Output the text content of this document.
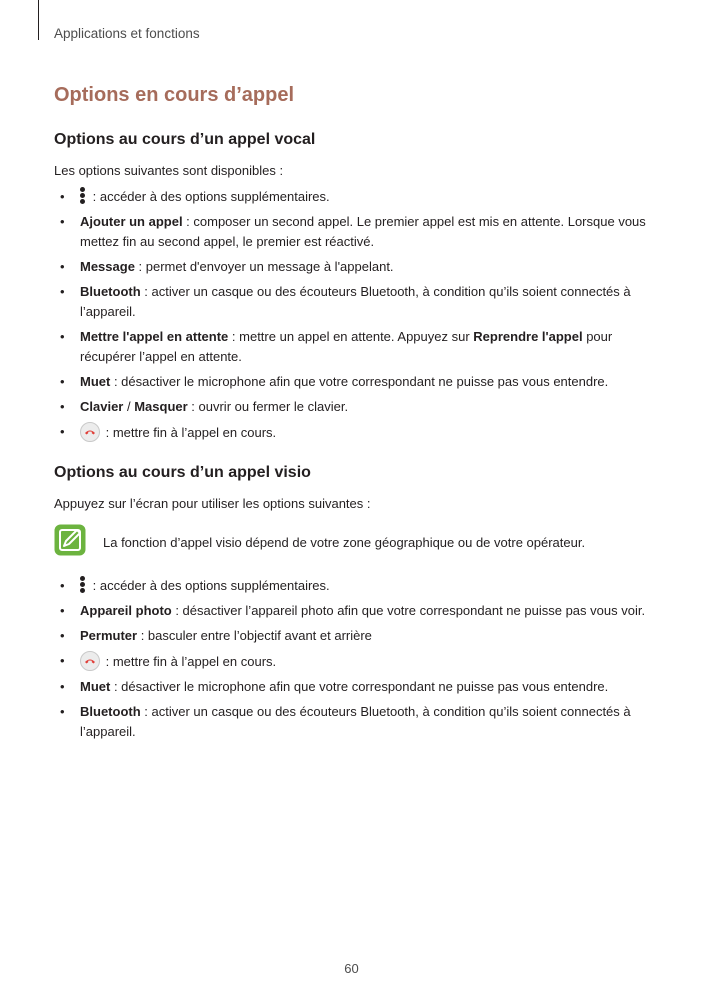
Applications et fonctions
Options en cours d’appel
Options au cours d’un appel vocal
Les options suivantes sont disponibles :
• : accéder à des options supplémentaires.
• Ajouter un appel : composer un second appel. Le premier appel est mis en attente. Lorsque vous mettez fin au second appel, le premier est réactivé.
• Message : permet d'envoyer un message à l'appelant.
• Bluetooth : activer un casque ou des écouteurs Bluetooth, à condition qu’ils soient connectés à l’appareil.
• Mettre l'appel en attente : mettre un appel en attente. Appuyez sur Reprendre l'appel pour récupérer l’appel en attente.
• Muet : désactiver le microphone afin que votre correspondant ne puisse pas vous entendre.
• Clavier / Masquer : ouvrir ou fermer le clavier.
•	: mettre fin à l’appel en cours.
Options au cours d’un appel visio
Appuyez sur l’écran pour utiliser les options suivantes :
La fonction d’appel visio dépend de votre zone géographique ou de votre opérateur.
• : accéder à des options supplémentaires.
• Appareil photo : désactiver l’appareil photo afin que votre correspondant ne puisse pas vous voir.
• Permuter : basculer entre l’objectif avant et arrière
•	: mettre fin à l’appel en cours.
• Muet : désactiver le microphone afin que votre correspondant ne puisse pas vous entendre.
• Bluetooth : activer un casque ou des écouteurs Bluetooth, à condition qu’ils soient connectés à l’appareil.
60
